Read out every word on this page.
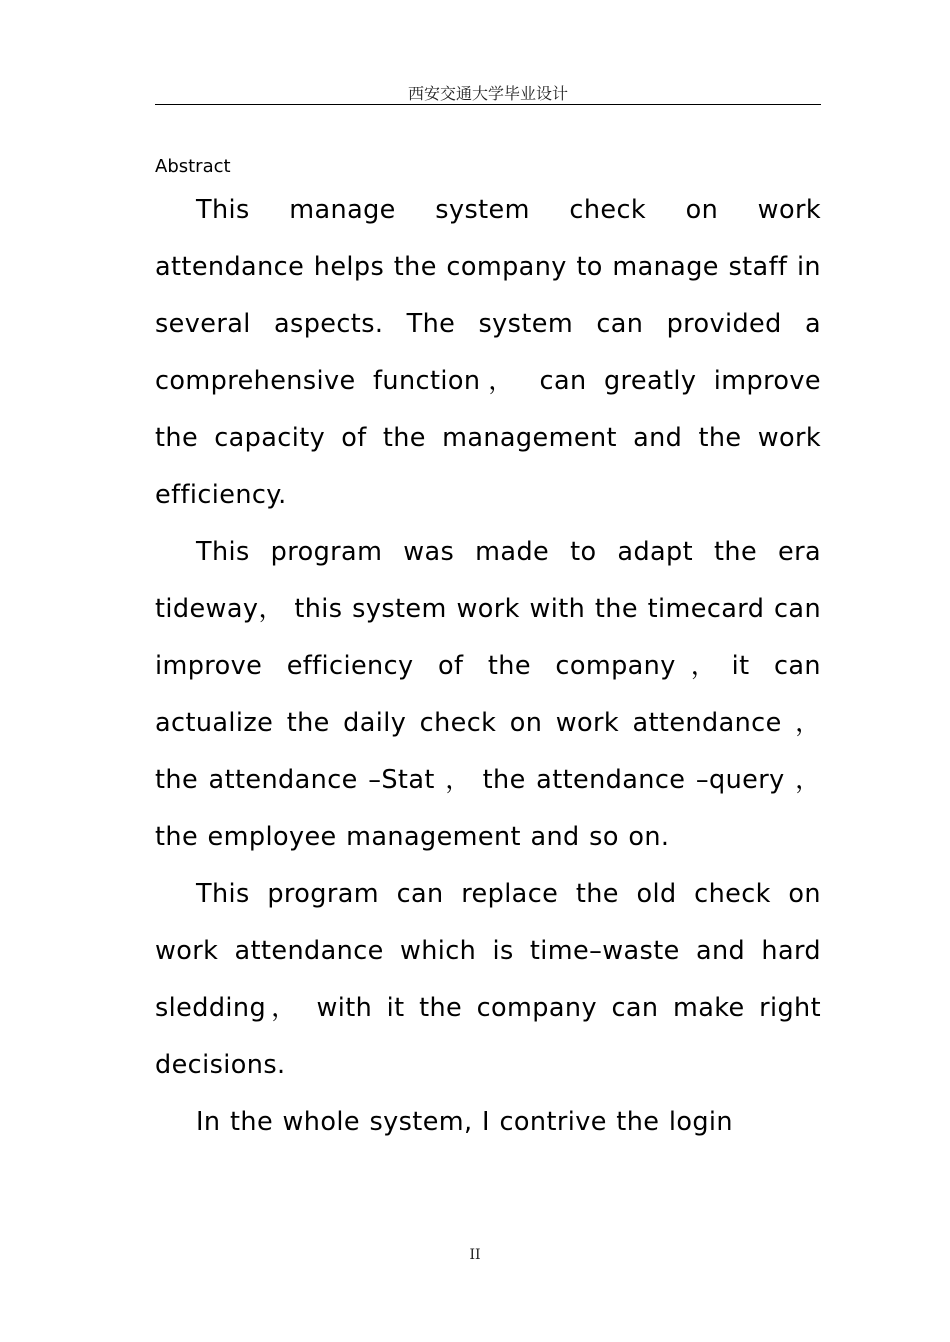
西安交通大学毕业设计
Abstract

This manage system check on work attendance helps the company to manage staff in several aspects. The system can provided a comprehensive function， can greatly improve the capacity of the management and the work efficiency.

This program was made to adapt the era tideway， this system work with the timecard can improve efficiency of the company，it can actualize the daily check on work attendance ， the attendance –Stat ， the attendance –query ， the employee management and so on.

This program can replace the old check on work attendance which is time–waste and hard sledding， with it the company can make right decisions.

In the whole system, I contrive the login

II
